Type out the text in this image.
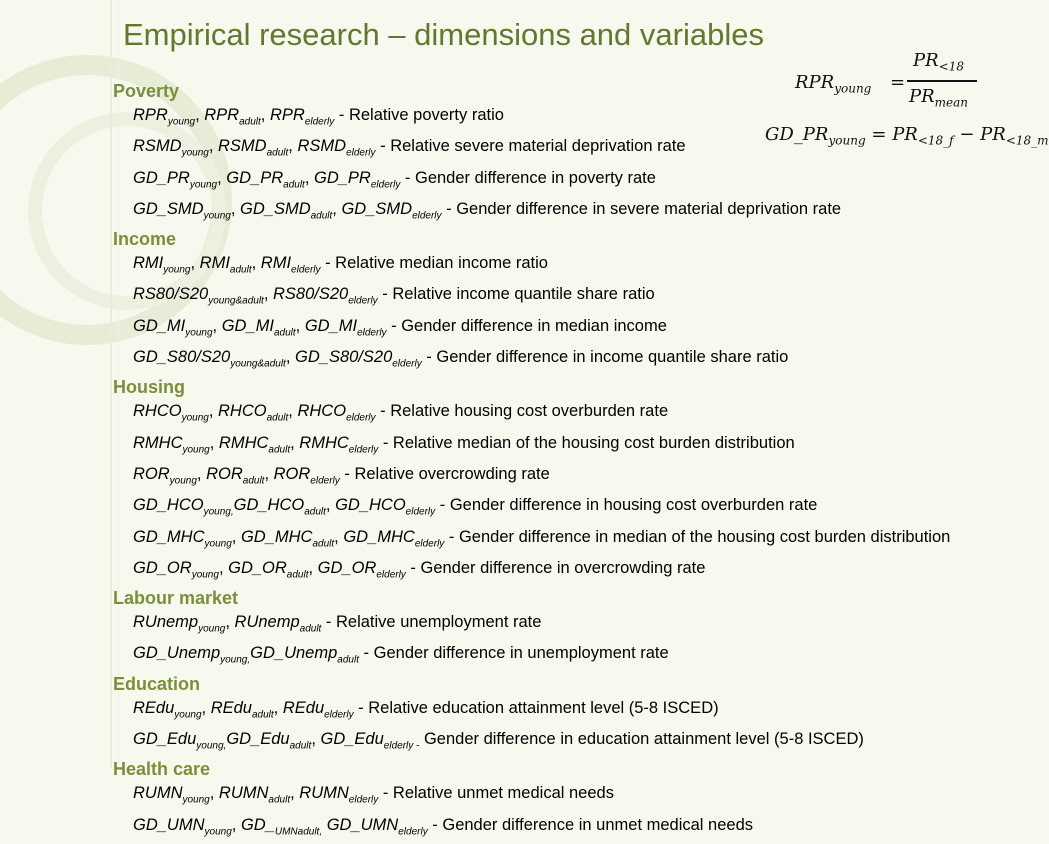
Empirical research – dimensions and variables
$RPR_{young}$ =
$PR_{<18}$
$PR_{mean}$
$GD\_PR_{young} = PR_{<18\_f} - PR_{<18\_m}$
Poverty
$RPR_{young}$, $RPR_{adult}$, $RPR_{elderly}$ - Relative poverty ratio
$RSMD_{young}$, $RSMD_{adult}$, $RSMD_{elderly}$ - Relative severe material deprivation rate
$GD\_PR_{young}$, $GD\_PR_{adult}$, $GD\_PR_{elderly}$ - Gender difference in poverty rate
$GD\_SMD_{young}$, $GD\_SMD_{adult}$, $GD\_SMD_{elderly}$ - Gender difference in severe material deprivation rate
Income
$RMI_{young}$, $RMI_{adult}$, $RMI_{elderly}$ - Relative median income ratio
$RS80/S20_{young\&adult}$, $RS80/S20_{elderly}$ - Relative income quantile share ratio
$GD\_MI_{young}$, $GD\_MI_{adult}$, $GD\_MI_{elderly}$ - Gender difference in median income
$GD\_S80/S20_{young\&adult}$, $GD\_S80/S20_{elderly}$ - Gender difference in income quantile share ratio
Housing
$RHCO_{young}$, $RHCO_{adult}$, $RHCO_{elderly}$ - Relative housing cost overburden rate
$RMHC_{young}$, $RMHC_{adult}$, $RMHC_{elderly}$ - Relative median of the housing cost burden distribution
$ROR_{young}$, $ROR_{adult}$, $ROR_{elderly}$ - Relative overcrowding rate
$GD\_HCO_{young,}GD\_HCO_{adult}$, $GD\_HCO_{elderly}$ - Gender difference in housing cost overburden rate
$GD\_MHC_{young}$, $GD\_MHC_{adult}$, $GD\_MHC_{elderly}$ - Gender difference in median of the housing cost burden distribution
$GD\_OR_{young}$, $GD\_OR_{adult}$, $GD\_OR_{elderly}$ - Gender difference in overcrowding rate
Labour market
RUnemp$_{young}$, RUnemp$_{adult}$ - Relative unemployment rate
GD_Unemp$_{young,}$GD_Unemp$_{adult}$ - Gender difference in unemployment rate
Education
REdu$_{young}$, REdu$_{adult}$, REdu$_{elderly}$ - Relative education attainment level (5-8 ISCED)
GD_Edu$_{young,}$GD_Edu$_{adult}$, GD_Edu$_{elderly -}$ Gender difference in education attainment level (5-8 ISCED)
Health care
$RUMN_{young}$, $RUMN_{adult}$, $RUMN_{elderly}$ - Relative unmet medical needs
$GD\_UMN_{young}$, $GD\__{UMNadult,}$ $GD\_UMN_{elderly}$ - Gender difference in unmet medical needs
